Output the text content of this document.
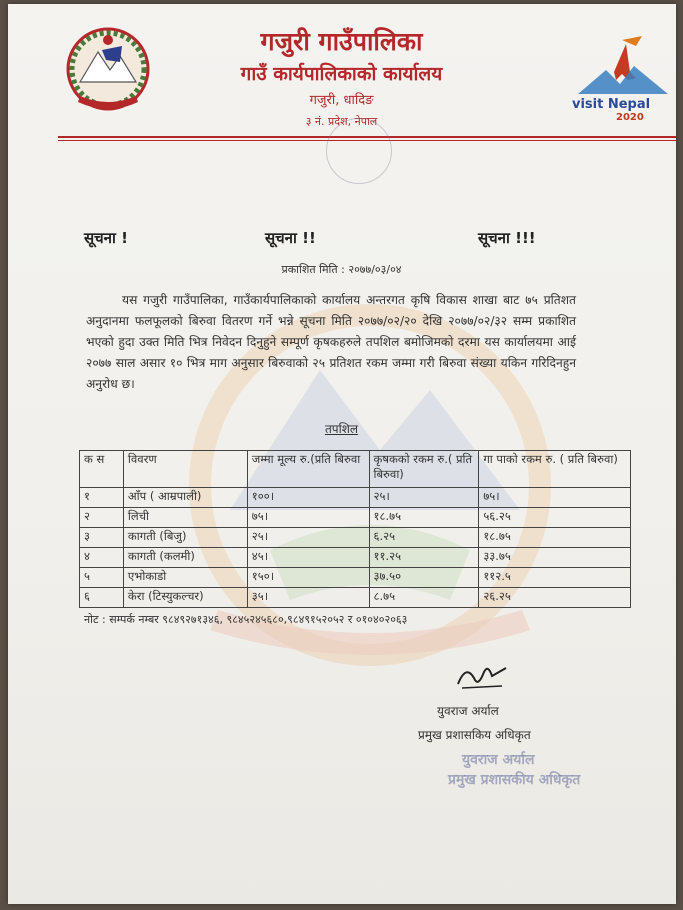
visit Nepal
2020
गजुरी गाउँपालिका
गाउँ कार्यपालिकाको कार्यालय
गजुरी, धादिङ
३ नं. प्रदेश, नेपाल
सूचना !	सूचना !!	सूचना !!!
प्रकाशित मिति : २०७७/०३/०४
यस गजुरी गाउँपालिका, गाउँकार्यपालिकाको कार्यालय अन्तरगत कृषि विकास शाखा बाट ७५ प्रतिशत अनुदानमा फलफूलको बिरुवा वितरण गर्ने भन्ने सूचना मिति २०७७/०२/२० देखि २०७७/०२/३२ सम्म प्रकाशित भएको हुदा उक्त मिति भित्र निवेदन दिनुहुने सम्पूर्ण कृषकहरुले तपशिल बमोजिमको दरमा यस कार्यालयमा आई २०७७ साल असार १० भित्र माग अनुसार बिरुवाको २५ प्रतिशत रकम जम्मा गरी बिरुवा संख्या यकिन गरिदिनहुन अनुरोध छ।
तपशिल
क स	विवरण	जम्मा मूल्य रु.(प्रति बिरुवा	कृषकको रकम रु.( प्रति बिरुवा)	गा पाको रकम रु. ( प्रति बिरुवा)
१	आँप ( आम्रपाली)	१००।	२५।	७५।
२	लिची	७५।	१८.७५	५६.२५
३	कागती (बिजु)	२५।	६.२५	१८.७५
४	कागती (कलमी)	४५।	११.२५	३३.७५
५	एभोकाडो	१५०।	३७.५०	११२.५
६	केरा (टिस्युकल्चर)	३५।	८.७५	२६.२५
नोट : सम्पर्क नम्बर ९८४९२७१३४६, ९८४५२४५६८०,९८४९१५२०५२ र ०१०४०२०६३
युवराज अर्याल
प्रमुख प्रशासकिय अधिकृत
युवराज अर्याल
प्रमुख प्रशासकीय अधिकृत
